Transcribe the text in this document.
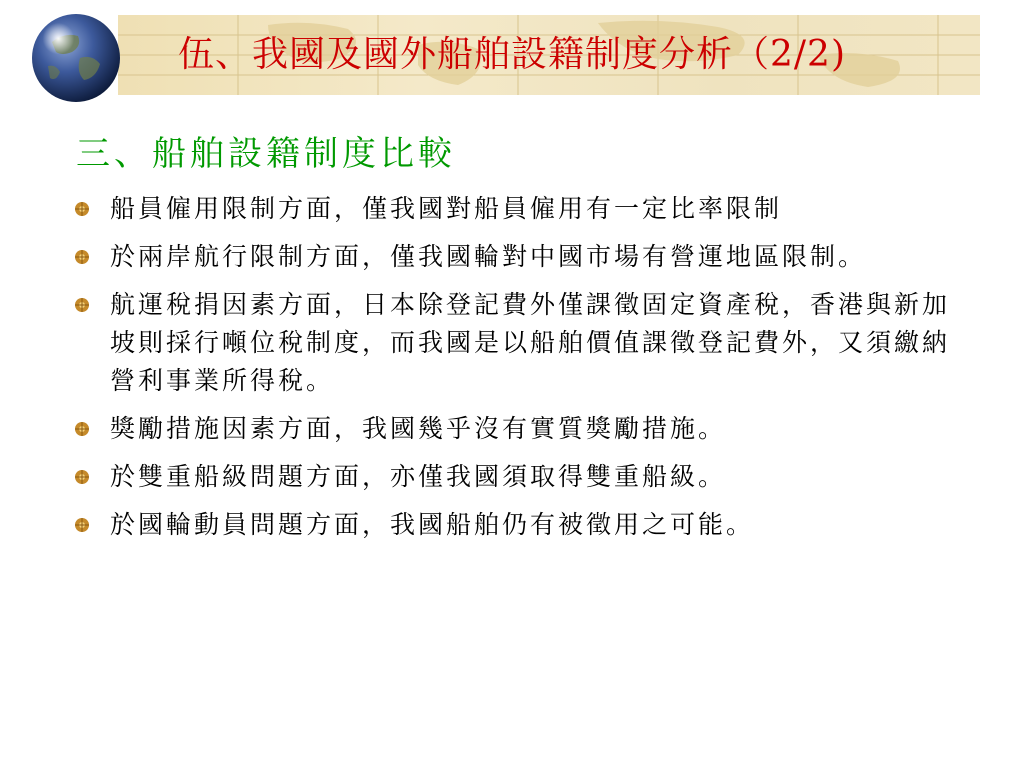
伍、我國及國外船舶設籍制度分析（2/2)
三、船舶設籍制度比較
船員僱用限制方面，僅我國對船員僱用有一定比率限制
於兩岸航行限制方面，僅我國輪對中國市場有營運地區限制。
航運稅捐因素方面，日本除登記費外僅課徵固定資產稅，香港與新加坡則採行噸位稅制度，而我國是以船舶價值課徵登記費外，又須繳納營利事業所得稅。
獎勵措施因素方面，我國幾乎沒有實質獎勵措施。
於雙重船級問題方面，亦僅我國須取得雙重船級。
於國輪動員問題方面，我國船舶仍有被徵用之可能。
